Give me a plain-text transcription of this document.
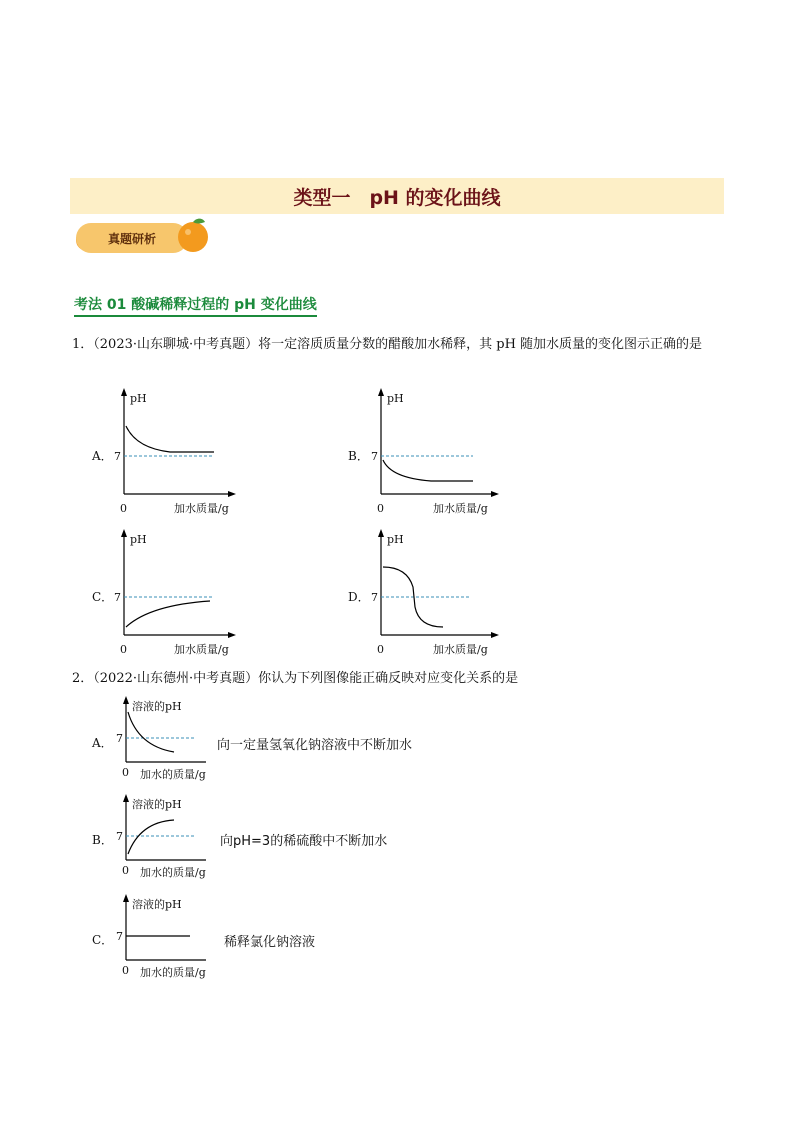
类型一　pH 的变化曲线
真题研析
考法 01 酸碱稀释过程的 pH 变化曲线
1．（2023·山东聊城·中考真题）将一定溶质质量分数的醋酸加水稀释，其 pH 随加水质量的变化图示正确的是
A．
pH
7
0	加水质量/g
B．
pH
7
0	加水质量/g
C．
pH
7
0	加水质量/g
D．
pH
7
0	加水质量/g
2．（2022·山东德州·中考真题）你认为下列图像能正确反映对应变化关系的是
A．
溶液的pH
7
0 加水的质量/g
向一定量氢氧化钠溶液中不断加水
B．
溶液的pH
7
0 加水的质量/g
向pH=3的稀硫酸中不断加水
C．
溶液的pH
7
0 加水的质量/g
稀释氯化钠溶液
